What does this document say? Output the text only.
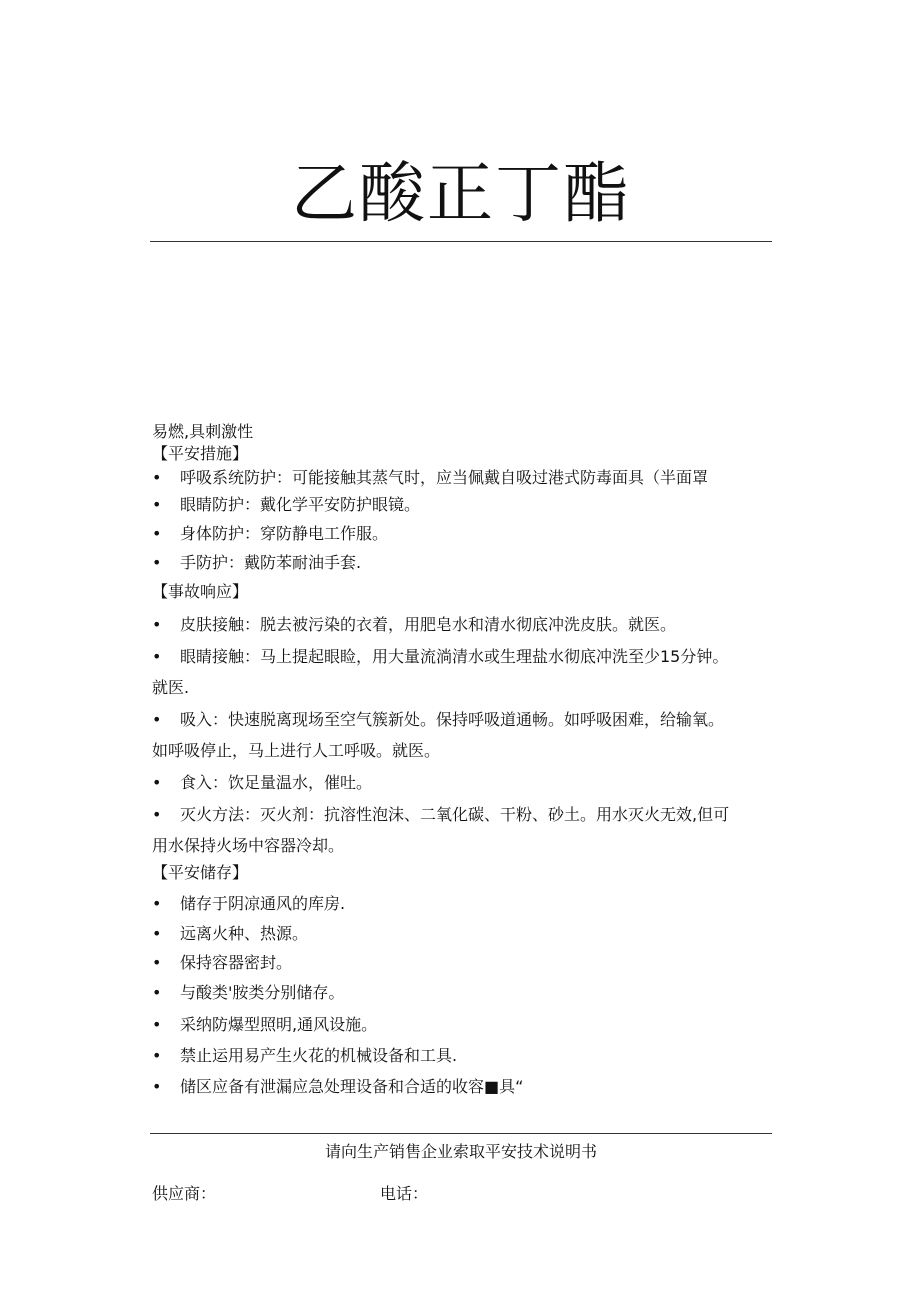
乙酸正丁酯
易燃,具刺激性
【平安措施】
• 呼吸系统防护：可能接触其蒸气时，应当佩戴自吸过港式防毒面具（半面罩
• 眼睛防护：戴化学平安防护眼镜。
• 身体防护：穿防静电工作服。
• 手防护：戴防苯耐油手套.
【事故响应】
• 皮肤接触：脱去被污染的衣着，用肥皂水和清水彻底冲洗皮肤。就医。
• 眼睛接触：马上提起眼睑，用大量流淌清水或生理盐水彻底冲洗至少15分钟。
就医.
• 吸入：快速脱离现场至空气簇新处。保持呼吸道通畅。如呼吸困难，给输氧。
如呼吸停止，马上进行人工呼吸。就医。
• 食入：饮足量温水，催吐。
• 灭火方法：灭火剂：抗溶性泡沫、二氧化碳、干粉、砂土。用水灭火无效,但可
用水保持火场中容器冷却。
【平安储存】
• 储存于阴凉通风的库房.
• 远离火种、热源。
• 保持容器密封。
• 与酸类'胺类分别储存。
• 采纳防爆型照明,通风设施。
• 禁止运用易产生火花的机械设备和工具.
• 储区应备有泄漏应急处理设备和合适的收容■具“
请向生产销售企业索取平安技术说明书
供应商：	电话：
